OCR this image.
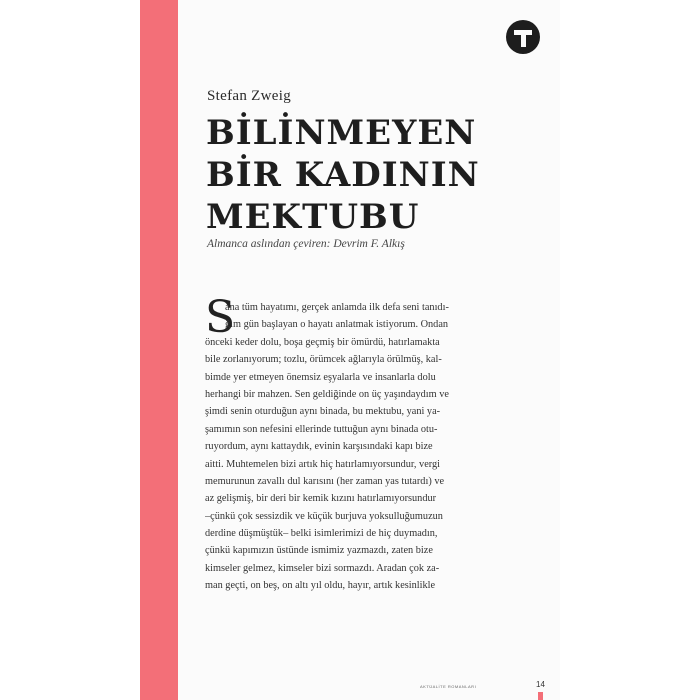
Stefan Zweig
BİLİNMEYEN
BİR KADININ
MEKTUBU
Almanca aslından çeviren: Devrim F. Alkış
S
ana tüm hayatımı, gerçek anlamda ilk defa seni tanıdı-
ğım gün başlayan o hayatı anlatmak istiyorum. Ondan
önceki keder dolu, boşa geçmiş bir ömürdü, hatırlamakta
bile zorlanıyorum; tozlu, örümcek ağlarıyla örülmüş, kal-
bimde yer etmeyen önemsiz eşyalarla ve insanlarla dolu
herhangi bir mahzen. Sen geldiğinde on üç yaşındaydım ve
şimdi senin oturduğun aynı binada, bu mektubu, yani ya-
şamımın son nefesini ellerinde tuttuğun aynı binada otu-
ruyordum, aynı kattaydık, evinin karşısındaki kapı bize
aitti. Muhtemelen bizi artık hiç hatırlamıyorsundur, vergi
memurunun zavallı dul karısını (her zaman yas tutardı) ve
az gelişmiş, bir deri bir kemik kızını hatırlamıyorsundur
–çünkü çok sessizdik ve küçük burjuva yoksulluğumuzun
derdine düşmüştük– belki isimlerimizi de hiç duymadın,
çünkü kapımızın üstünde ismimiz yazmazdı, zaten bize
kimseler gelmez, kimseler bizi sormazdı. Aradan çok za-
man geçti, on beş, on altı yıl oldu, hayır, artık kesinlikle
AKTÜALİTE ROMANLARI	14
